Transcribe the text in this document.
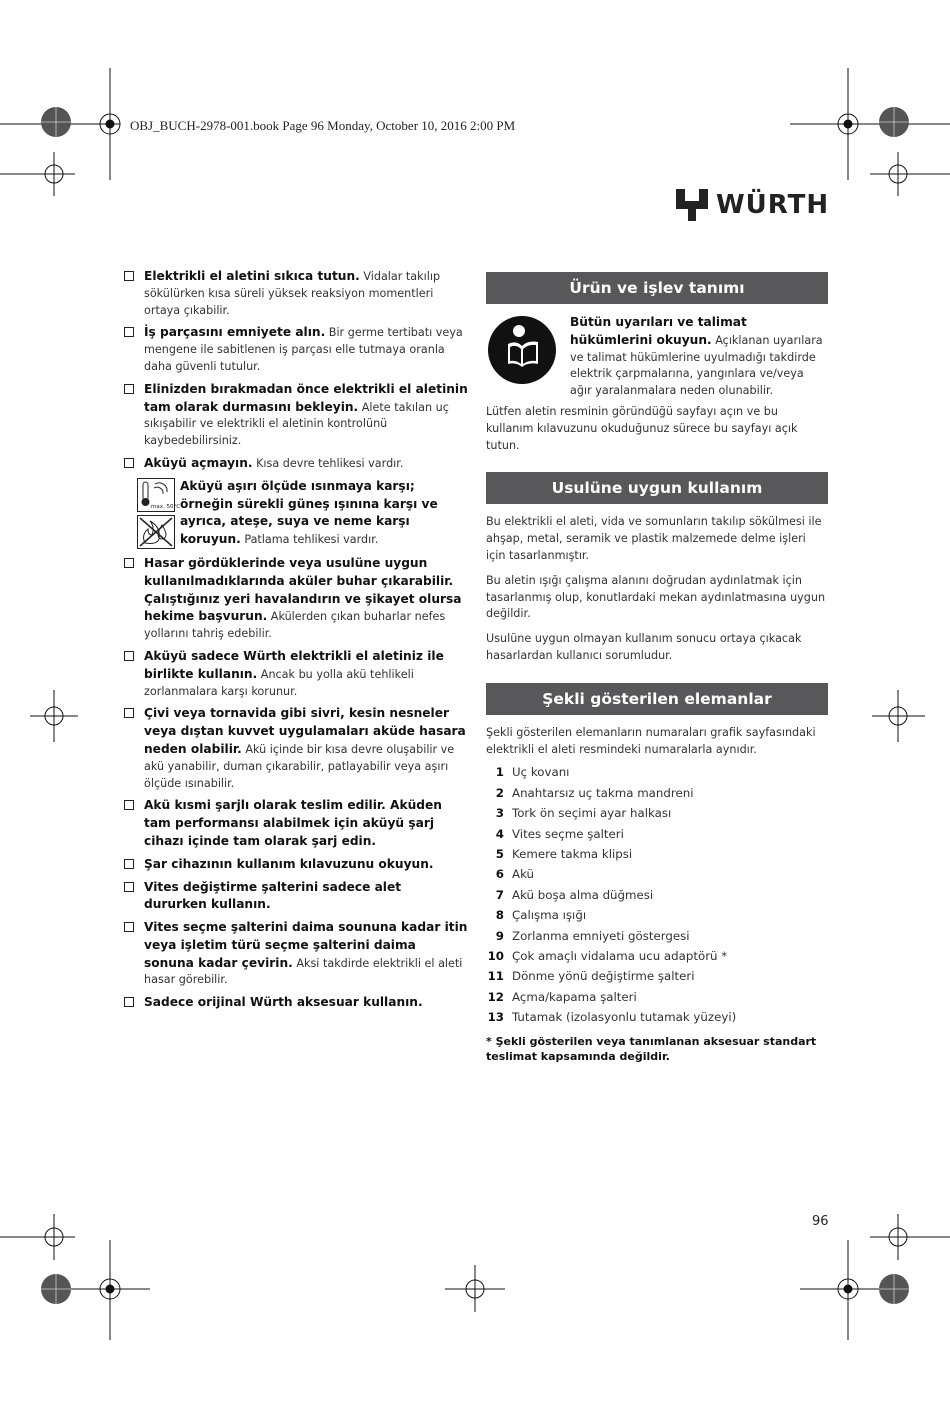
OBJ_BUCH-2978-001.book Page 96 Monday, October 10, 2016 2:00 PM
WÜRTH
Elektrikli el aletini sıkıca tutun. Vidalar takılıp sökülürken kısa süreli yüksek reaksiyon momentleri ortaya çıkabilir.
İş parçasını emniyete alın. Bir germe tertibatı veya mengene ile sabitlenen iş parçası elle tutmaya oranla daha güvenli tutulur.
Elinizden bırakmadan önce elektrikli el aletinin tam olarak durmasını bekleyin. Alete takılan uç sıkışabilir ve elektrikli el aletinin kontrolünü kaybedebilirsiniz.
Aküyü açmayın. Kısa devre tehlikesi vardır.
max. 50°C
Aküyü aşırı ölçüde ısınmaya karşı; örneğin sürekli güneş ışınına karşı ve ayrıca, ateşe, suya ve neme karşı koruyun. Patlama tehlikesi vardır.
Hasar gördüklerinde veya usulüne uygun kullanılmadıklarında aküler buhar çıkarabilir. Çalıştığınız yeri havalandırın ve şikayet olursa hekime başvurun. Akülerden çıkan buharlar nefes yollarını tahriş edebilir.
Aküyü sadece Würth elektrikli el aletiniz ile birlikte kullanın. Ancak bu yolla akü tehlikeli zorlanmalara karşı korunur.
Çivi veya tornavida gibi sivri, kesin nesneler veya dıştan kuvvet uygulamaları aküde hasara neden olabilir. Akü içinde bir kısa devre oluşabilir ve akü yanabilir, duman çıkarabilir, patlayabilir veya aşırı ölçüde ısınabilir.
Akü kısmi şarjlı olarak teslim edilir. Aküden tam performansı alabilmek için aküyü şarj cihazı içinde tam olarak şarj edin.
Şar cihazının kullanım kılavuzunu okuyun.
Vites değiştirme şalterini sadece alet dururken kullanın.
Vites seçme şalterini daima soununa kadar itin veya işletim türü seçme şalterini daima sonuna kadar çevirin. Aksi takdirde elektrikli el aleti hasar görebilir.
Sadece orijinal Würth aksesuar kullanın.
Ürün ve işlev tanımı
Bütün uyarıları ve talimat hükümlerini okuyun. Açıklanan uyarılara ve talimat hükümlerine uyulmadığı takdirde elektrik çarpmalarına, yangınlara ve/veya ağır yaralanmalara neden olunabilir.
Lütfen aletin resminin göründüğü sayfayı açın ve bu kullanım kılavuzunu okuduğunuz sürece bu sayfayı açık tutun.
Usulüne uygun kullanım
Bu elektrikli el aleti, vida ve somunların takılıp sökülmesi ile ahşap, metal, seramik ve plastik malzemede delme işleri için tasarlanmıştır.
Bu aletin ışığı çalışma alanını doğrudan aydınlatmak için tasarlanmış olup, konutlardaki mekan aydınlatmasına uygun değildir.
Usulüne uygun olmayan kullanım sonucu ortaya çıkacak hasarlardan kullanıcı sorumludur.
Şekli gösterilen elemanlar
Şekli gösterilen elemanların numaraları grafik sayfasındaki elektrikli el aleti resmindeki numaralarla aynıdır.
1 Uç kovanı
2 Anahtarsız uç takma mandreni
3 Tork ön seçimi ayar halkası
4 Vites seçme şalteri
5 Kemere takma klipsi
6 Akü
7 Akü boşa alma düğmesi
8 Çalışma ışığı
9 Zorlanma emniyeti göstergesi
10 Çok amaçlı vidalama ucu adaptörü *
11 Dönme yönü değiştirme şalteri
12 Açma/kapama şalteri
13 Tutamak (izolasyonlu tutamak yüzeyi)
* Şekli gösterilen veya tanımlanan aksesuar standart teslimat kapsamında değildir.
96
